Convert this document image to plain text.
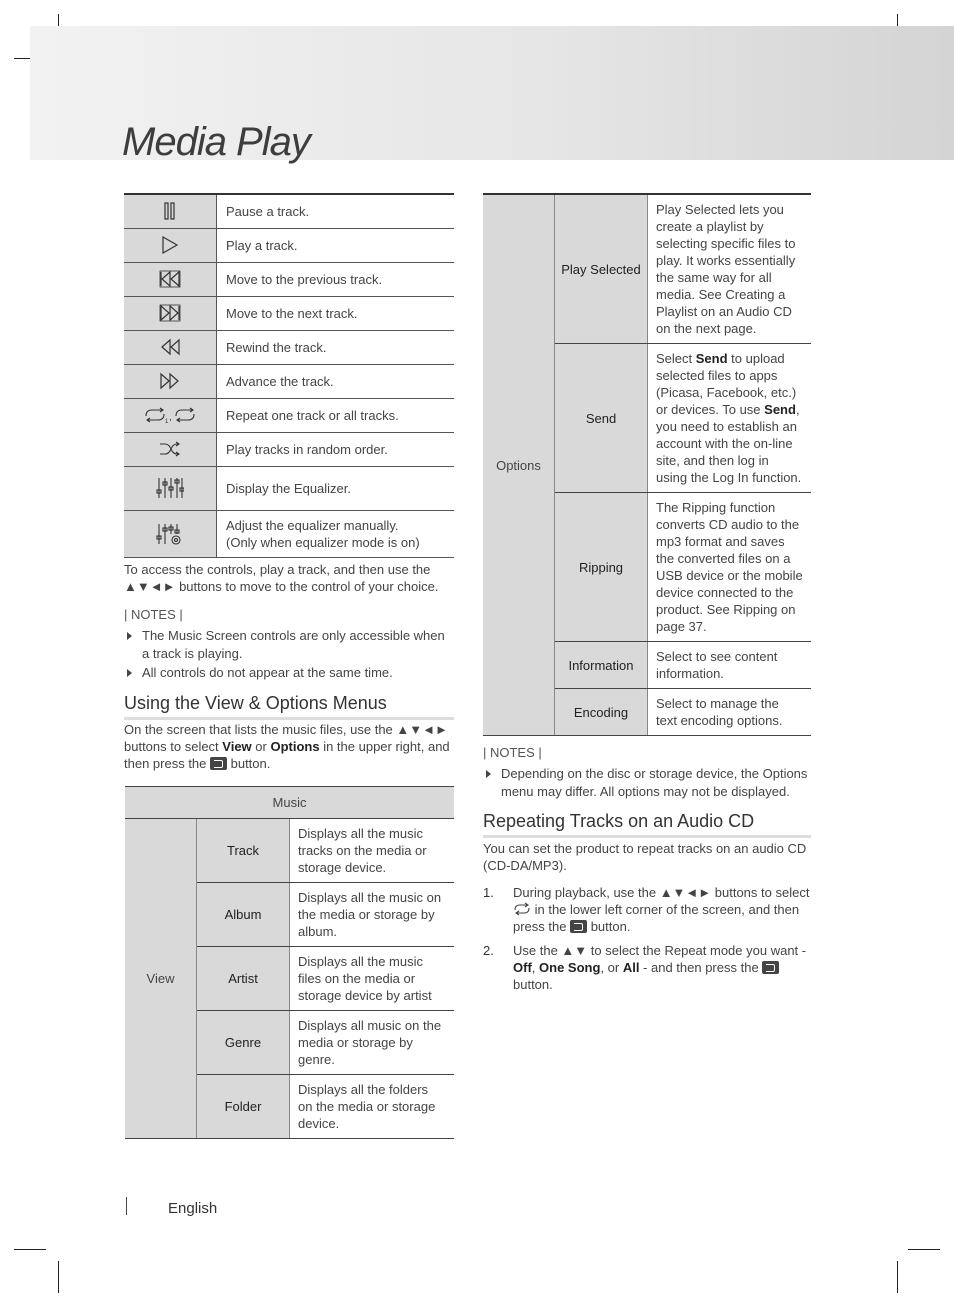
Media Play
	Pause a track.
	Play a track.
	Move to the previous track.
	Move to the next track.
	Rewind the track.
	Advance the track.

1 ,	Repeat one track or all tracks.
	Play tracks in random order.
	Display the Equalizer.
	Adjust the equalizer manually.
(Only when equalizer mode is on)
To access the controls, play a track, and then use the ▲▼◄► buttons to move to the control of your choice.
| NOTES |
The Music Screen controls are only accessible when a track is playing.
All controls do not appear at the same time.
Using the View & Options Menus
On the screen that lists the music files, use the ▲▼◄► buttons to select View or Options in the upper right, and then press the  button.
Music		
View	Track	Displays all the music tracks on the media or storage device.
	Album	Displays all the music on the media or storage by album.
	Artist	Displays all the music files on the media or storage device by artist
	Genre	Displays all music on the media or storage by genre.
	Folder	Displays all the folders on the media or storage device.
Options	Play Selected	Play Selected lets you create a playlist by selecting specific files to play. It works essentially the same way for all media. See Creating a Playlist on an Audio CD on the next page.
	Send	Select Send to upload selected files to apps (Picasa, Facebook, etc.) or devices. To use Send, you need to establish an account with the on-line site, and then log in using the Log In function.
	Ripping	The Ripping function converts CD audio to the mp3 format and saves the converted files on a USB device or the mobile device connected to the product. See Ripping on page 37.
	Information	Select to see content information.
	Encoding	Select to manage the text encoding options.
| NOTES |
Depending on the disc or storage device, the Options menu may differ. All options may not be displayed.
Repeating Tracks on an Audio CD
You can set the product to repeat tracks on an audio CD (CD-DA/MP3).
1. During playback, use the ▲▼◄► buttons to select  in the lower left corner of the screen, and then press the  button.
2. Use the ▲▼ to select the Repeat mode you want - Off, One Song, or All - and then press the  button.
English
